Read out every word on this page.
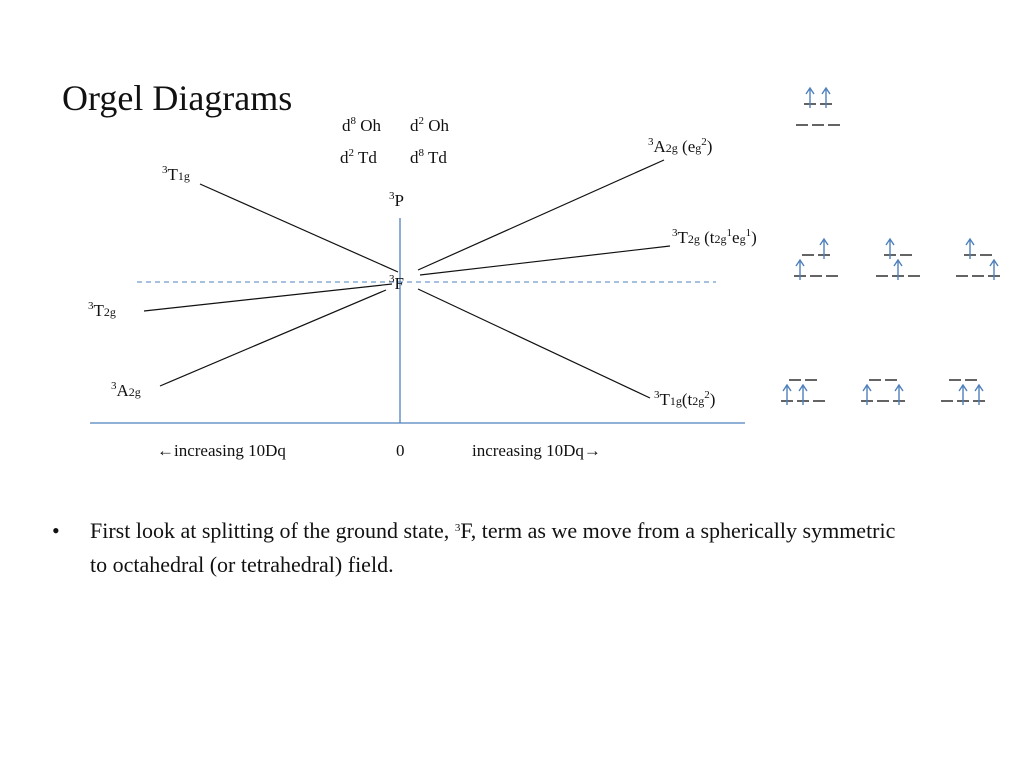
Orgel Diagrams
$d^8$ Oh $d^2$ Oh
$d^2$ Td $d^8$ Td
$^3$P
$^3$F
$^3$T1g
$^3$T2g
$^3$A2g
$^3$A2g $(eg^2)$
$^3$T2g $(t2g^1eg^1)$
$^3T1g(t2g^2)$
←increasing 10Dq	0	increasing 10Dq→
• First look at splitting of the ground state, $^3$F, term as we move from a spherically symmetric to octahedral (or tetrahedral) field.
